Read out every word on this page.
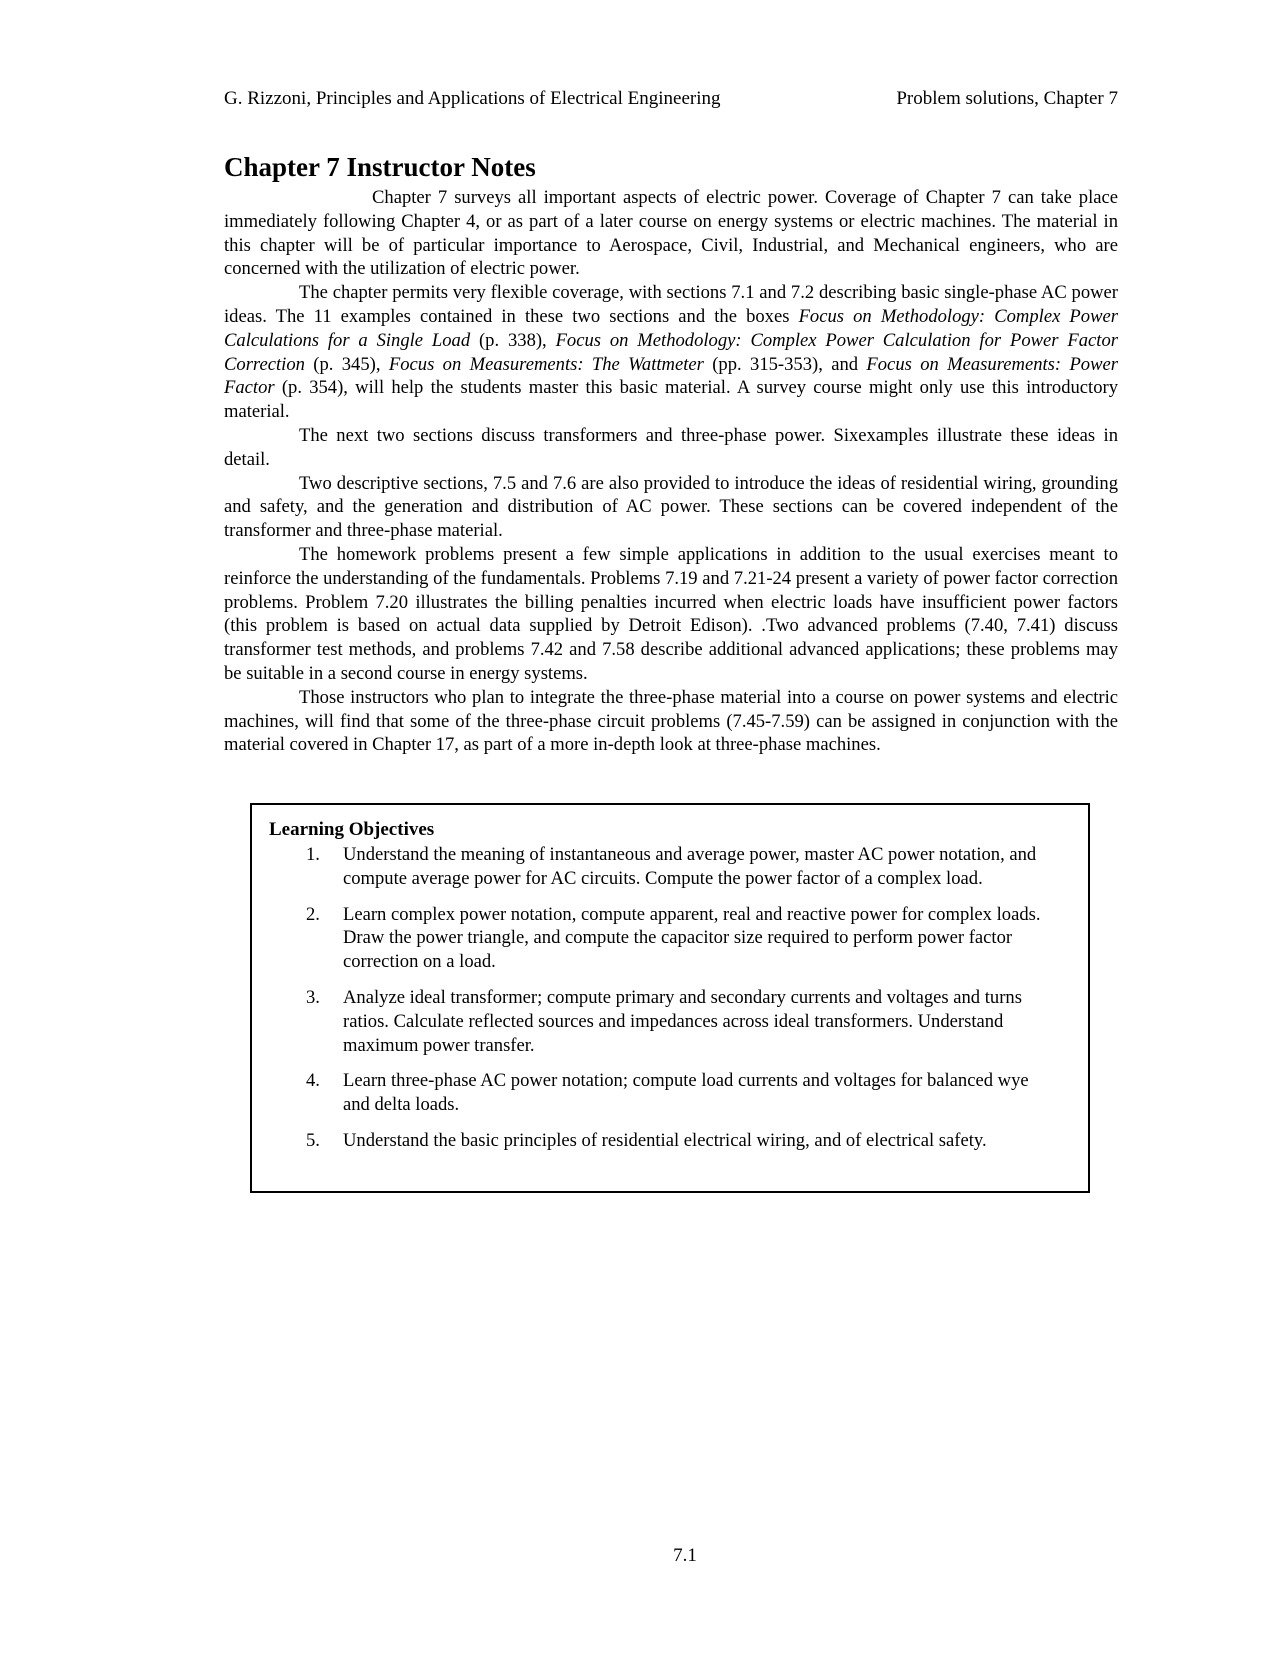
G. Rizzoni, Principles and Applications of Electrical Engineering	Problem solutions, Chapter 7
Chapter 7 Instructor Notes

Chapter 7 surveys all important aspects of electric power. Coverage of Chapter 7 can take place immediately following Chapter 4, or as part of a later course on energy systems or electric machines. The material in this chapter will be of particular importance to Aerospace, Civil, Industrial, and Mechanical engineers, who are concerned with the utilization of electric power.

The chapter permits very flexible coverage, with sections 7.1 and 7.2 describing basic single-phase AC power ideas. The 11 examples contained in these two sections and the boxes Focus on Methodology: Complex Power Calculations for a Single Load (p. 338), Focus on Methodology: Complex Power Calculation for Power Factor Correction (p. 345), Focus on Measurements: The Wattmeter (pp. 315-353), and Focus on Measurements: Power Factor (p. 354), will help the students master this basic material. A survey course might only use this introductory material.

The next two sections discuss transformers and three-phase power. Sixexamples illustrate these ideas in detail.

Two descriptive sections, 7.5 and 7.6 are also provided to introduce the ideas of residential wiring, grounding and safety, and the generation and distribution of AC power. These sections can be covered independent of the transformer and three-phase material.

The homework problems present a few simple applications in addition to the usual exercises meant to reinforce the understanding of the fundamentals. Problems 7.19 and 7.21-24 present a variety of power factor correction problems. Problem 7.20 illustrates the billing penalties incurred when electric loads have insufficient power factors (this problem is based on actual data supplied by Detroit Edison). .Two advanced problems (7.40, 7.41) discuss transformer test methods, and problems 7.42 and 7.58 describe additional advanced applications; these problems may be suitable in a second course in energy systems.

Those instructors who plan to integrate the three-phase material into a course on power systems and electric machines, will find that some of the three-phase circuit problems (7.45-7.59) can be assigned in conjunction with the material covered in Chapter 17, as part of a more in-depth look at three-phase machines.

Learning Objectives
1. Understand the meaning of instantaneous and average power, master AC power notation, and compute average power for AC circuits. Compute the power factor of a complex load.
2. Learn complex power notation, compute apparent, real and reactive power for complex loads. Draw the power triangle, and compute the capacitor size required to perform power factor correction on a load.
3. Analyze ideal transformer; compute primary and secondary currents and voltages and turns ratios. Calculate reflected sources and impedances across ideal transformers. Understand maximum power transfer.
4. Learn three-phase AC power notation; compute load currents and voltages for balanced wye and delta loads.
5. Understand the basic principles of residential electrical wiring, and of electrical safety.
7.1
